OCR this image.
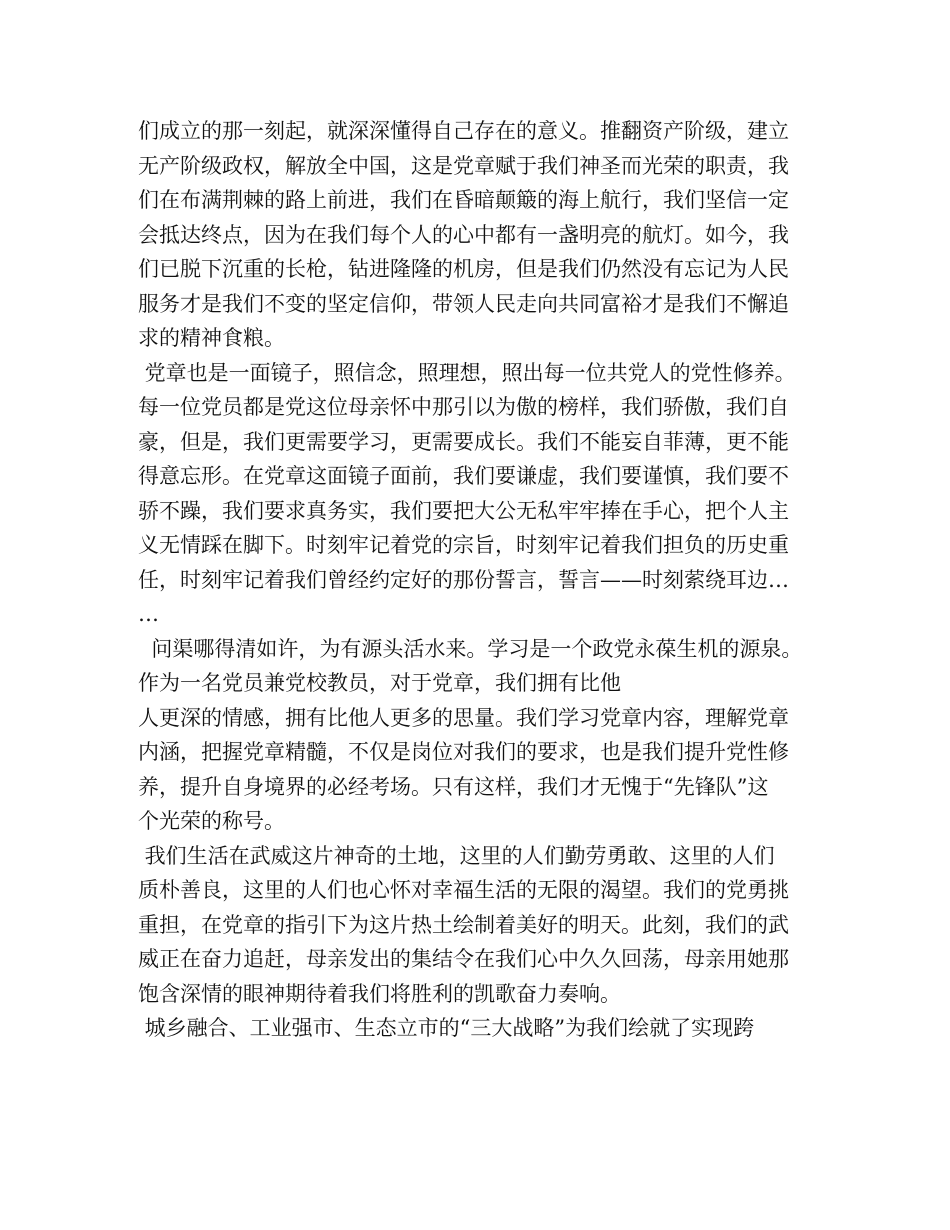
们成立的那一刻起，就深深懂得自己存在的意义。推翻资产阶级，建立
无产阶级政权，解放全中国，这是党章赋于我们神圣而光荣的职责，我
们在布满荆棘的路上前进，我们在昏暗颠簸的海上航行，我们坚信一定
会抵达终点，因为在我们每个人的心中都有一盏明亮的航灯。如今，我
们已脱下沉重的长枪，钻进隆隆的机房，但是我们仍然没有忘记为人民
服务才是我们不变的坚定信仰，带领人民走向共同富裕才是我们不懈追
求的精神食粮。
党章也是一面镜子，照信念，照理想，照出每一位共党人的党性修养。
每一位党员都是党这位母亲怀中那引以为傲的榜样，我们骄傲，我们自
豪，但是，我们更需要学习，更需要成长。我们不能妄自菲薄，更不能
得意忘形。在党章这面镜子面前，我们要谦虚，我们要谨慎，我们要不
骄不躁，我们要求真务实，我们要把大公无私牢牢捧在手心，把个人主
义无情踩在脚下。时刻牢记着党的宗旨，时刻牢记着我们担负的历史重
任，时刻牢记着我们曾经约定好的那份誓言，誓言——时刻萦绕耳边…
…
问渠哪得清如许，为有源头活水来。学习是一个政党永葆生机的源泉。
作为一名党员兼党校教员，对于党章，我们拥有比他
人更深的情感，拥有比他人更多的思量。我们学习党章内容，理解党章
内涵，把握党章精髓，不仅是岗位对我们的要求，也是我们提升党性修
养，提升自身境界的必经考场。只有这样，我们才无愧于“先锋队”这
个光荣的称号。
我们生活在武威这片神奇的土地，这里的人们勤劳勇敢、这里的人们
质朴善良，这里的人们也心怀对幸福生活的无限的渴望。我们的党勇挑
重担，在党章的指引下为这片热土绘制着美好的明天。此刻，我们的武
威正在奋力追赶，母亲发出的集结令在我们心中久久回荡，母亲用她那
饱含深情的眼神期待着我们将胜利的凯歌奋力奏响。
城乡融合、工业强市、生态立市的“三大战略”为我们绘就了实现跨
